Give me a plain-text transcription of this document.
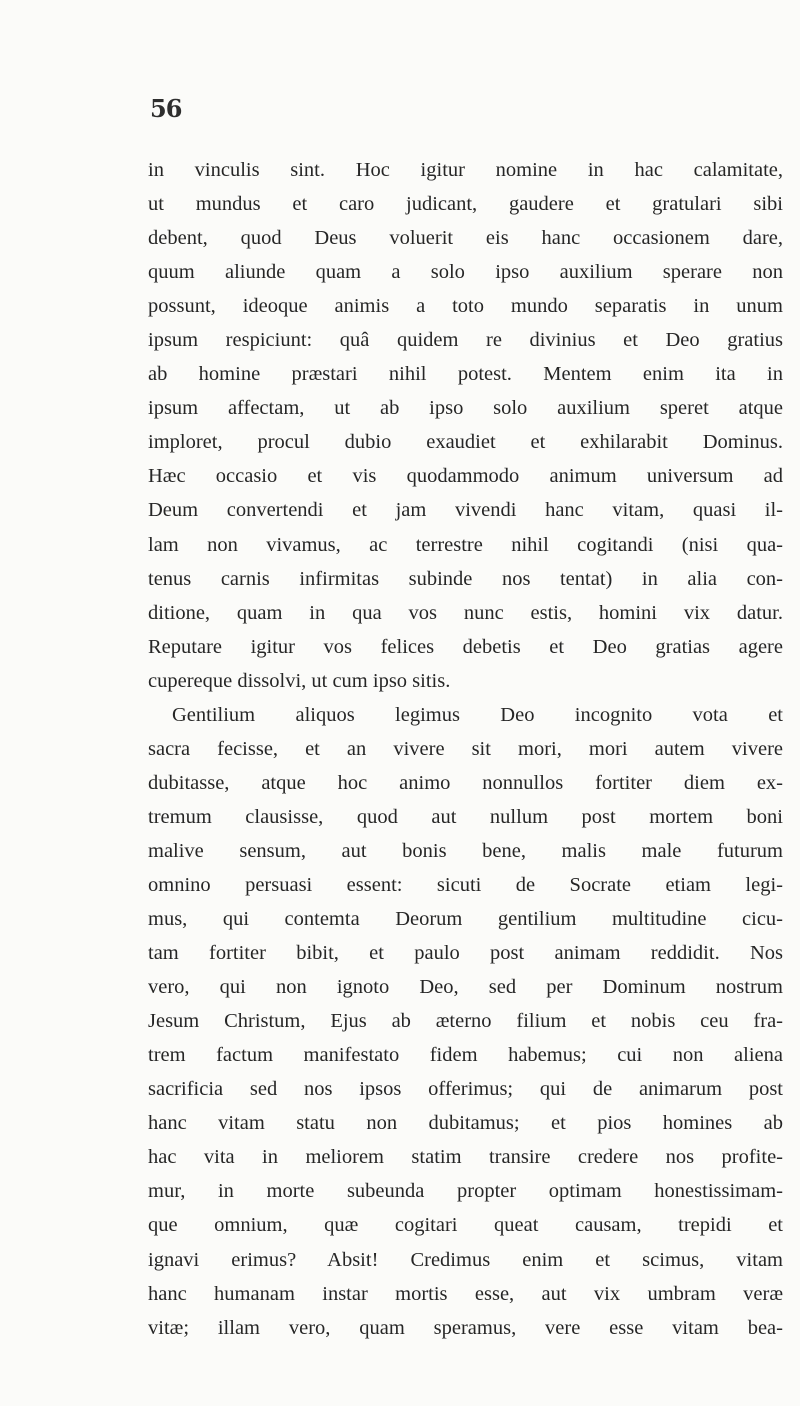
56
in vinculis sint. Hoc igitur nomine in hac calamitate,
ut mundus et caro judicant, gaudere et gratulari sibi
debent, quod Deus voluerit eis hanc occasionem dare,
quum aliunde quam a solo ipso auxilium sperare non
possunt, ideoque animis a toto mundo separatis in unum
ipsum respiciunt: quâ quidem re divinius et Deo gratius
ab homine præstari nihil potest. Mentem enim ita in
ipsum affectam, ut ab ipso solo auxilium speret atque
imploret, procul dubio exaudiet et exhilarabit Dominus.
Hæc occasio et vis quodammodo animum universum ad
Deum convertendi et jam vivendi hanc vitam, quasi il-
lam non vivamus, ac terrestre nihil cogitandi (nisi qua-
tenus carnis infirmitas subinde nos tentat) in alia con-
ditione, quam in qua vos nunc estis, homini vix datur.
Reputare igitur vos felices debetis et Deo gratias agere
cupereque dissolvi, ut cum ipso sitis.
Gentilium aliquos legimus Deo incognito vota et
sacra fecisse, et an vivere sit mori, mori autem vivere
dubitasse, atque hoc animo nonnullos fortiter diem ex-
tremum clausisse, quod aut nullum post mortem boni
malive sensum, aut bonis bene, malis male futurum
omnino persuasi essent: sicuti de Socrate etiam legi-
mus, qui contemta Deorum gentilium multitudine cicu-
tam fortiter bibit, et paulo post animam reddidit. Nos
vero, qui non ignoto Deo, sed per Dominum nostrum
Jesum Christum, Ejus ab æterno filium et nobis ceu fra-
trem factum manifestato fidem habemus; cui non aliena
sacrificia sed nos ipsos offerimus; qui de animarum post
hanc vitam statu non dubitamus; et pios homines ab
hac vita in meliorem statim transire credere nos profite-
mur, in morte subeunda propter optimam honestissimam-
que omnium, quæ cogitari queat causam, trepidi et
ignavi erimus? Absit! Credimus enim et scimus, vitam
hanc humanam instar mortis esse, aut vix umbram veræ
vitæ; illam vero, quam speramus, vere esse vitam bea-
